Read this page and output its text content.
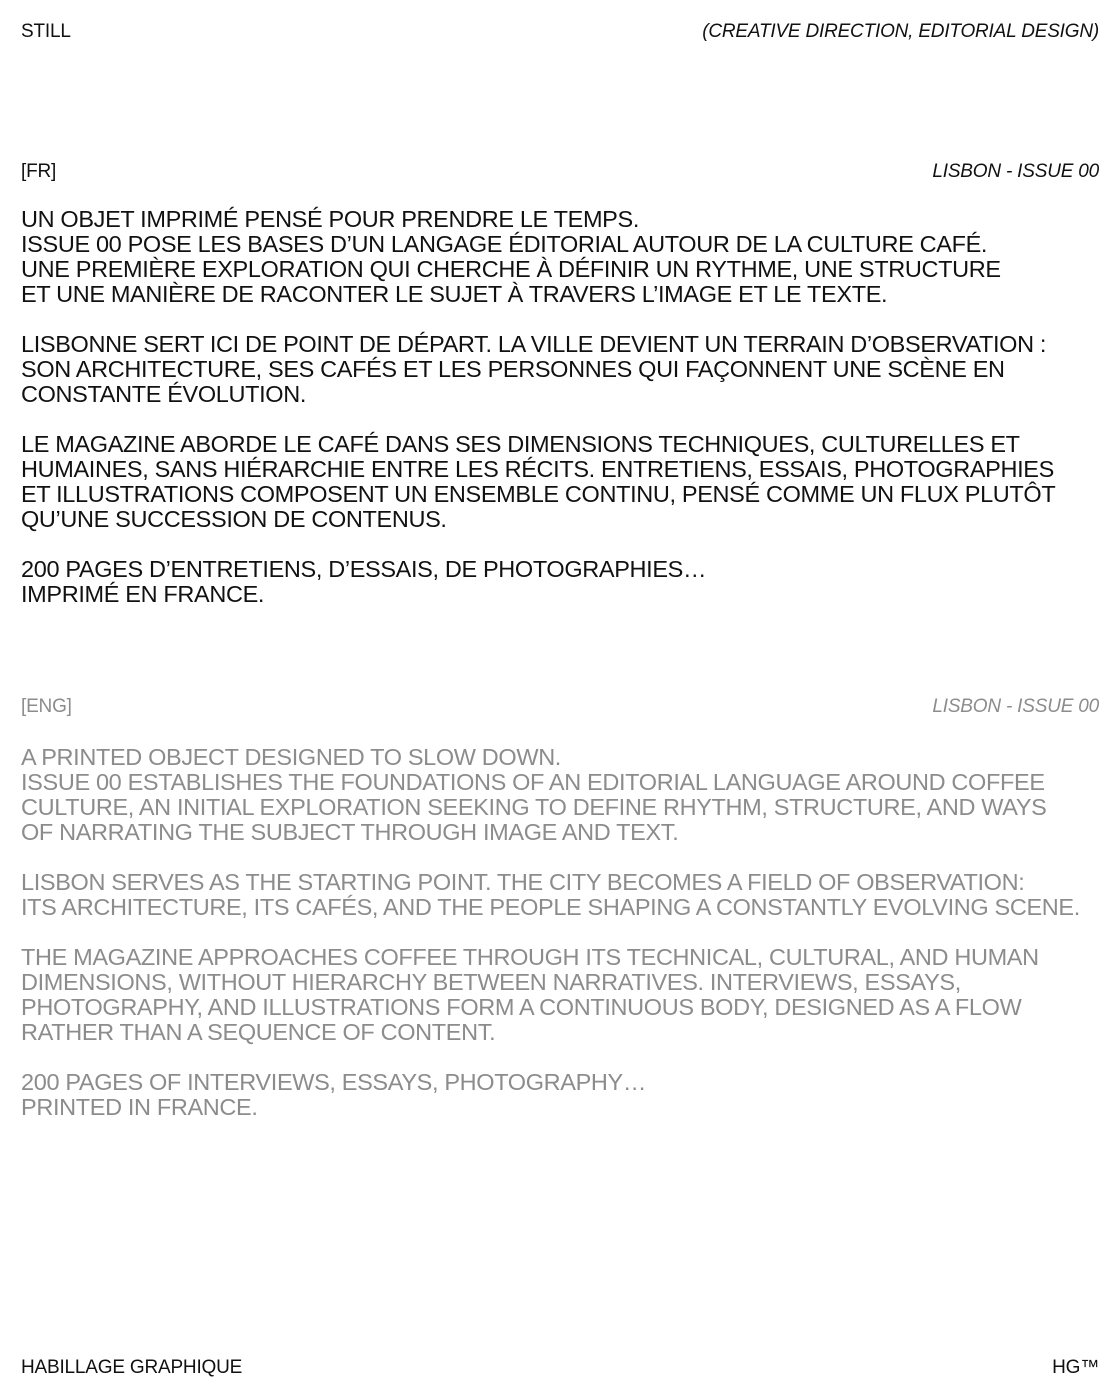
STILL	(CREATIVE DIRECTION, EDITORIAL DESIGN)
[FR]	LISBON - ISSUE 00

UN OBJET IMPRIMÉ PENSÉ POUR PRENDRE LE TEMPS.
ISSUE 00 POSE LES BASES D’UN LANGAGE ÉDITORIAL AUTOUR DE LA CULTURE CAFÉ.
UNE PREMIÈRE EXPLORATION QUI CHERCHE À DÉFINIR UN RYTHME, UNE STRUCTURE
ET UNE MANIÈRE DE RACONTER LE SUJET À TRAVERS L’IMAGE ET LE TEXTE.

LISBONNE SERT ICI DE POINT DE DÉPART. LA VILLE DEVIENT UN TERRAIN D’OBSERVATION :
SON ARCHITECTURE, SES CAFÉS ET LES PERSONNES QUI FAÇONNENT UNE SCÈNE EN
CONSTANTE ÉVOLUTION.

LE MAGAZINE ABORDE LE CAFÉ DANS SES DIMENSIONS TECHNIQUES, CULTURELLES ET
HUMAINES, SANS HIÉRARCHIE ENTRE LES RÉCITS. ENTRETIENS, ESSAIS, PHOTOGRAPHIES
ET ILLUSTRATIONS COMPOSENT UN ENSEMBLE CONTINU, PENSÉ COMME UN FLUX PLUTÔT
QU’UNE SUCCESSION DE CONTENUS.

200 PAGES D’ENTRETIENS, D’ESSAIS, DE PHOTOGRAPHIES…
IMPRIMÉ EN FRANCE.

[ENG]	LISBON - ISSUE 00

A PRINTED OBJECT DESIGNED TO SLOW DOWN.
ISSUE 00 ESTABLISHES THE FOUNDATIONS OF AN EDITORIAL LANGUAGE AROUND COFFEE
CULTURE, AN INITIAL EXPLORATION SEEKING TO DEFINE RHYTHM, STRUCTURE, AND WAYS
OF NARRATING THE SUBJECT THROUGH IMAGE AND TEXT.

LISBON SERVES AS THE STARTING POINT. THE CITY BECOMES A FIELD OF OBSERVATION:
ITS ARCHITECTURE, ITS CAFÉS, AND THE PEOPLE SHAPING A CONSTANTLY EVOLVING SCENE.

THE MAGAZINE APPROACHES COFFEE THROUGH ITS TECHNICAL, CULTURAL, AND HUMAN
DIMENSIONS, WITHOUT HIERARCHY BETWEEN NARRATIVES. INTERVIEWS, ESSAYS,
PHOTOGRAPHY, AND ILLUSTRATIONS FORM A CONTINUOUS BODY, DESIGNED AS A FLOW
RATHER THAN A SEQUENCE OF CONTENT.

200 PAGES OF INTERVIEWS, ESSAYS, PHOTOGRAPHY…
PRINTED IN FRANCE.

HABILLAGE GRAPHIQUE	HG™
